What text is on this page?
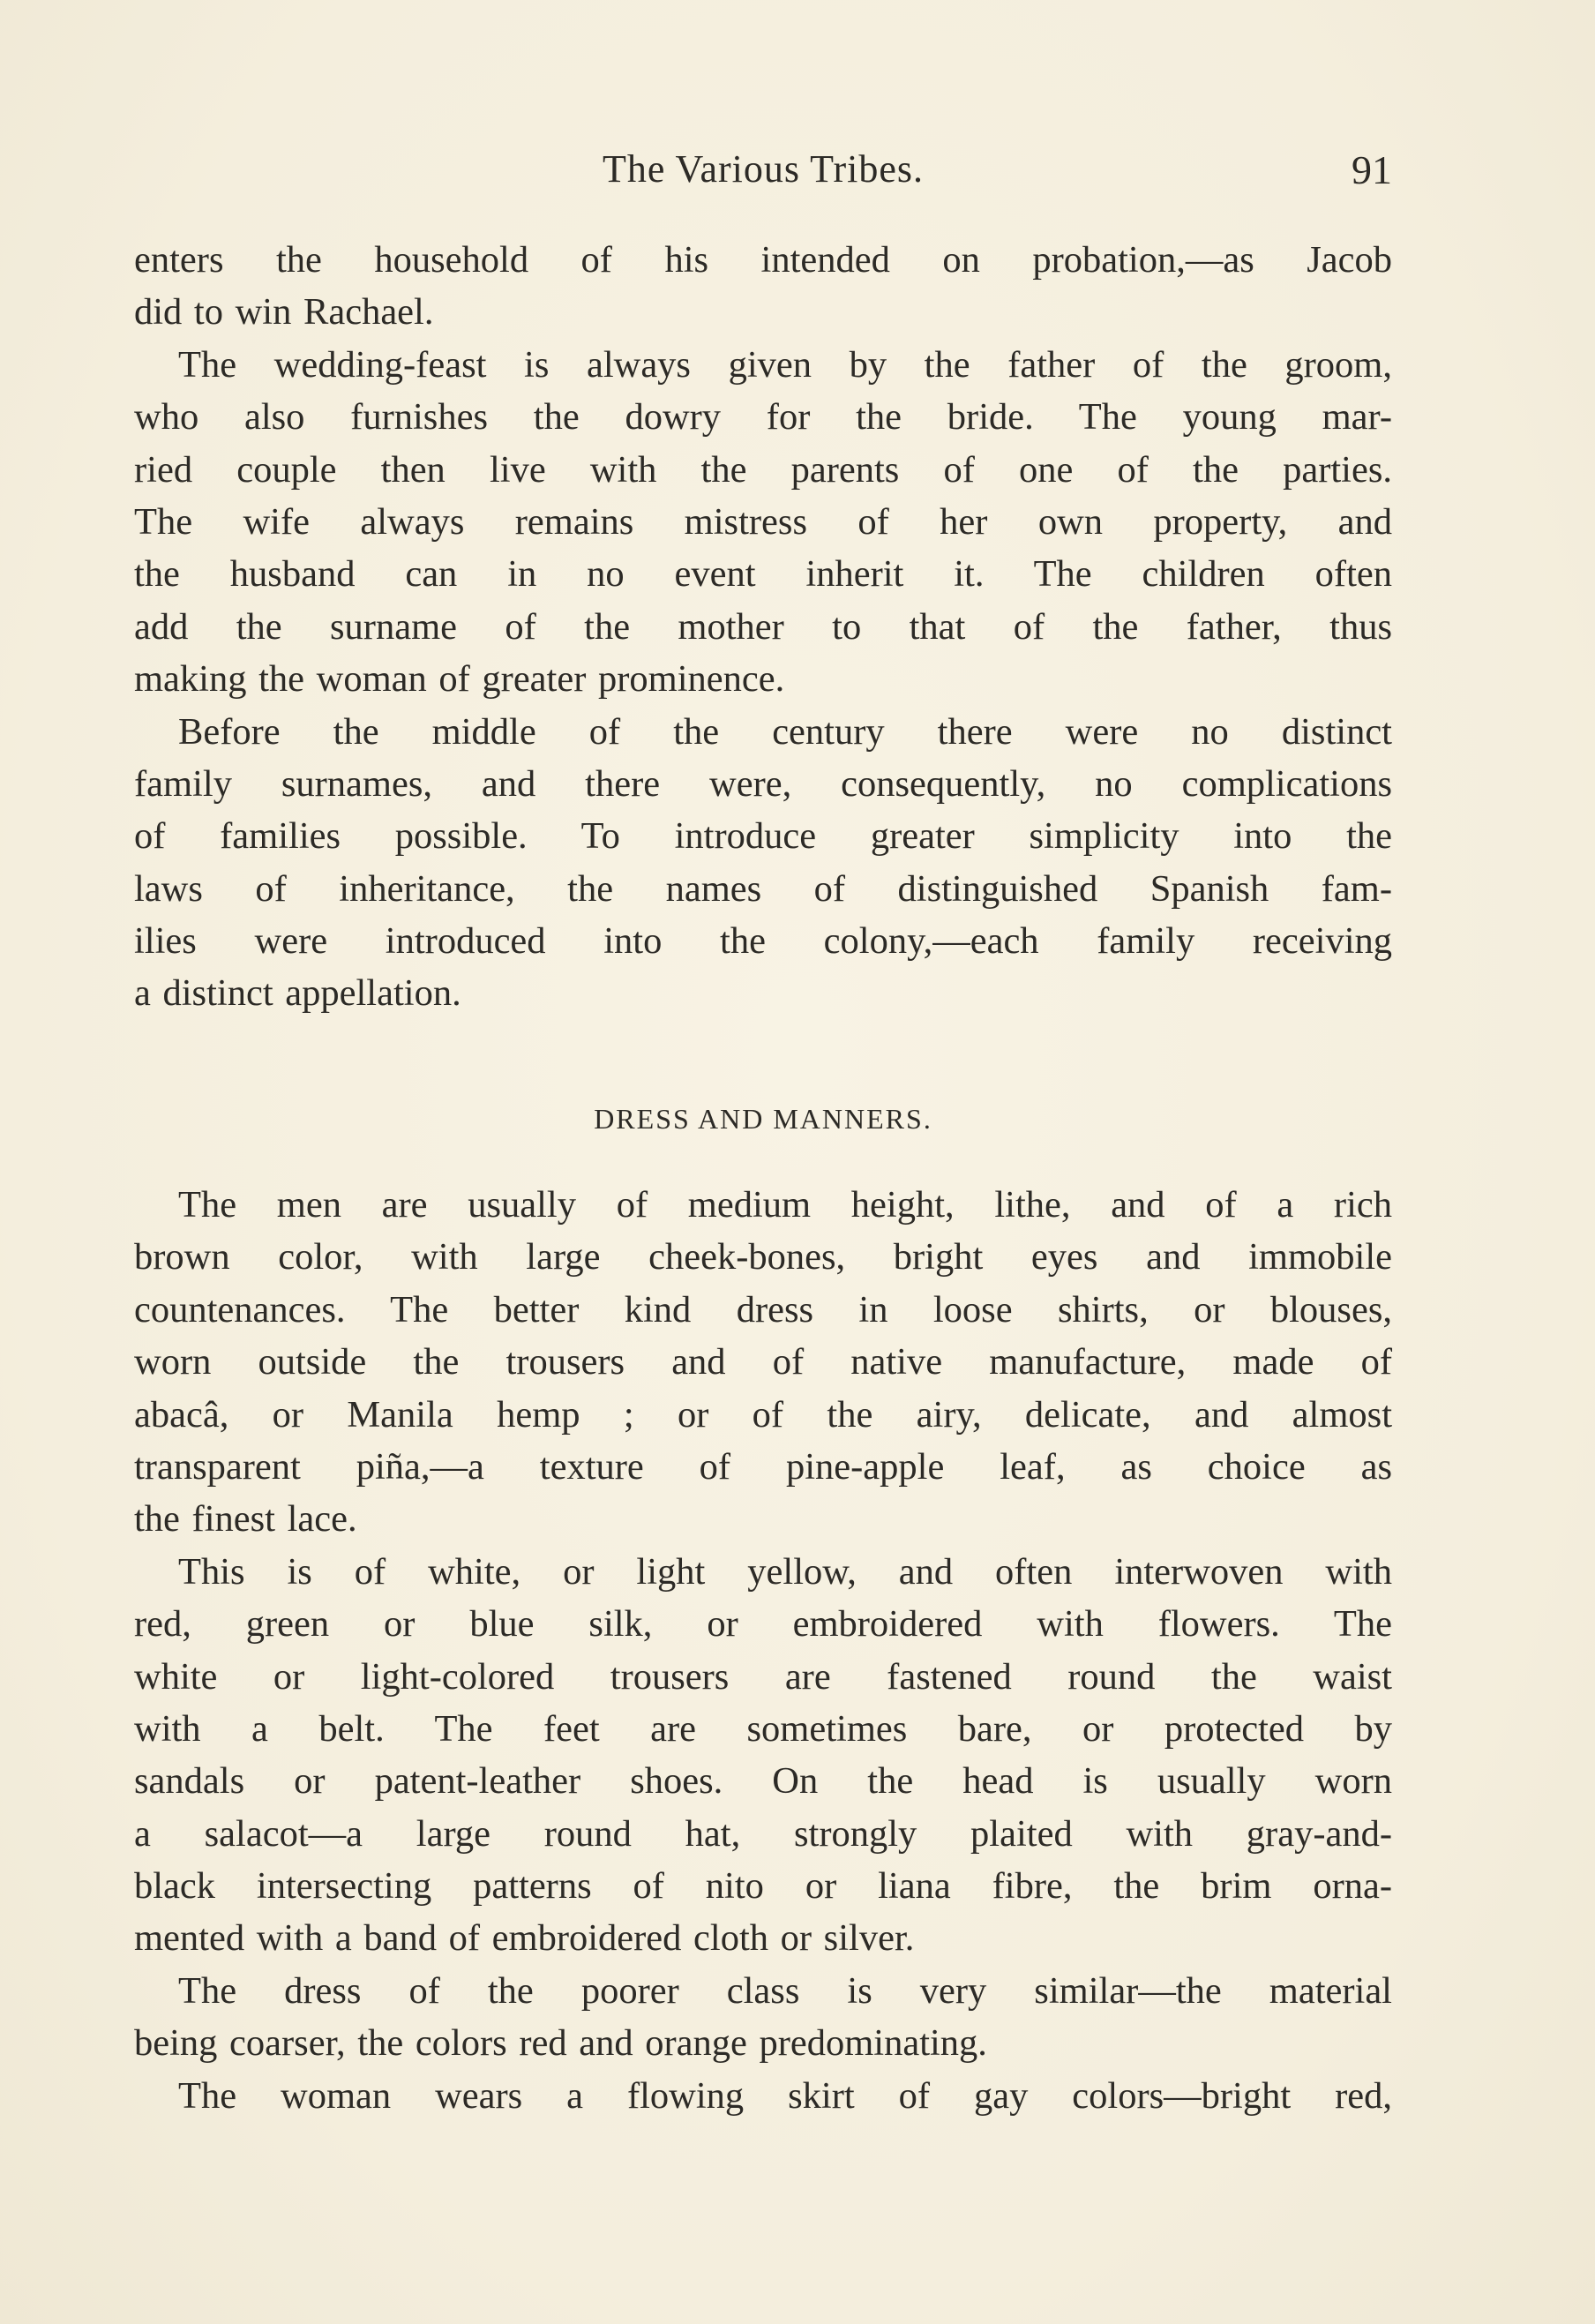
The Various Tribes.	91
enters the household of his intended on probation,—as Jacob
did to win Rachael.
The wedding-feast is always given by the father of the groom,
who also furnishes the dowry for the bride. The young mar-
ried couple then live with the parents of one of the parties.
The wife always remains mistress of her own property, and
the husband can in no event inherit it. The children often
add the surname of the mother to that of the father, thus
making the woman of greater prominence.
Before the middle of the century there were no distinct
family surnames, and there were, consequently, no complications
of families possible. To introduce greater simplicity into the
laws of inheritance, the names of distinguished Spanish fam-
ilies were introduced into the colony,—each family receiving
a distinct appellation.
DRESS AND MANNERS.
The men are usually of medium height, lithe, and of a rich
brown color, with large cheek-bones, bright eyes and immobile
countenances. The better kind dress in loose shirts, or blouses,
worn outside the trousers and of native manufacture, made of
abacâ, or Manila hemp ; or of the airy, delicate, and almost
transparent piña,—a texture of pine-apple leaf, as choice as
the finest lace.
This is of white, or light yellow, and often interwoven with
red, green or blue silk, or embroidered with flowers. The
white or light-colored trousers are fastened round the waist
with a belt. The feet are sometimes bare, or protected by
sandals or patent-leather shoes. On the head is usually worn
a salacot—a large round hat, strongly plaited with gray-and-
black intersecting patterns of nito or liana fibre, the brim orna-
mented with a band of embroidered cloth or silver.
The dress of the poorer class is very similar—the material
being coarser, the colors red and orange predominating.
The woman wears a flowing skirt of gay colors—bright red,
